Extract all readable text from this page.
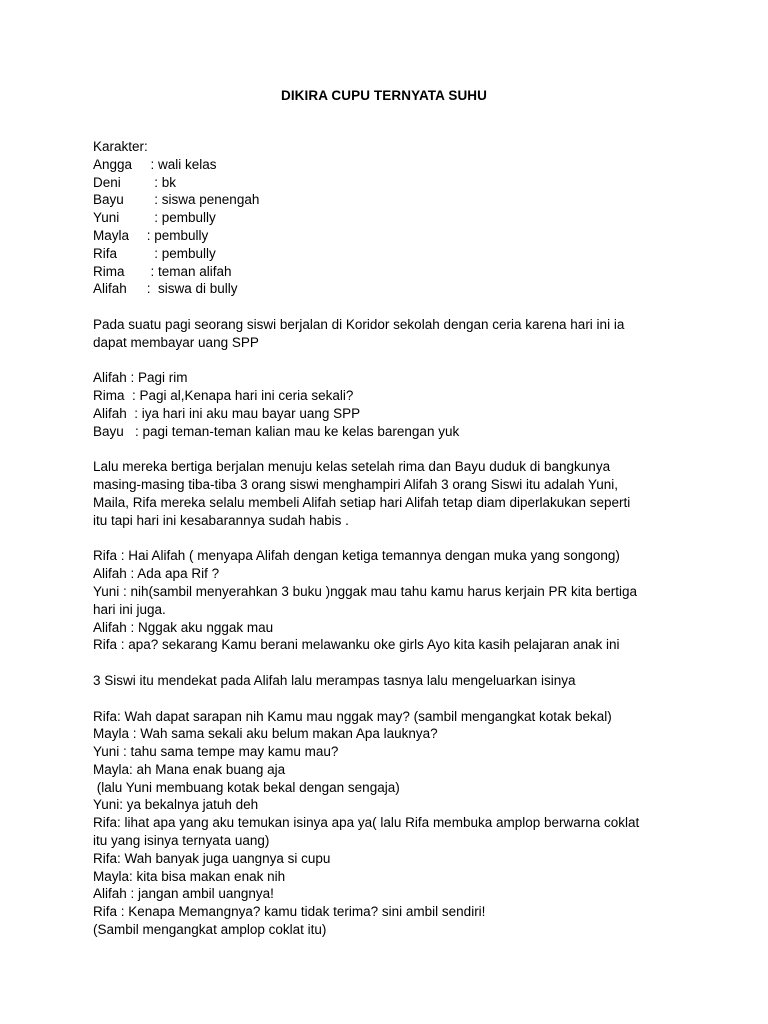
DIKIRA CUPU TERNYATA SUHU
Karakter:
Angga  : wali kelas
Deni   : bk
Bayu   : siswa penengah
Yuni   : pembully
Mayla : pembully
Rifa   : pembully
Rima  : teman alifah
Alifah :  siswa di bully
Pada suatu pagi seorang siswi berjalan di Koridor sekolah dengan ceria karena hari ini ia
dapat membayar uang SPP
Alifah : Pagi rim
Rima  : Pagi al,Kenapa hari ini ceria sekali?
Alifah  : iya hari ini aku mau bayar uang SPP
Bayu   : pagi teman-teman kalian mau ke kelas barengan yuk
Lalu mereka bertiga berjalan menuju kelas setelah rima dan Bayu duduk di bangkunya
masing-masing tiba-tiba 3 orang siswi menghampiri Alifah 3 orang Siswi itu adalah Yuni,
Maila, Rifa mereka selalu membeli Alifah setiap hari Alifah tetap diam diperlakukan seperti
itu tapi hari ini kesabarannya sudah habis .
Rifa : Hai Alifah ( menyapa Alifah dengan ketiga temannya dengan muka yang songong)
Alifah : Ada apa Rif ?
Yuni : nih(sambil menyerahkan 3 buku )nggak mau tahu kamu harus kerjain PR kita bertiga
hari ini juga.
Alifah : Nggak aku nggak mau
Rifa : apa? sekarang Kamu berani melawanku oke girls Ayo kita kasih pelajaran anak ini
3 Siswi itu mendekat pada Alifah lalu merampas tasnya lalu mengeluarkan isinya
Rifa: Wah dapat sarapan nih Kamu mau nggak may? (sambil mengangkat kotak bekal)
Mayla : Wah sama sekali aku belum makan Apa lauknya?
Yuni : tahu sama tempe may kamu mau?
Mayla: ah Mana enak buang aja
(lalu Yuni membuang kotak bekal dengan sengaja)
Yuni: ya bekalnya jatuh deh
Rifa: lihat apa yang aku temukan isinya apa ya( lalu Rifa membuka amplop berwarna coklat
itu yang isinya ternyata uang)
Rifa: Wah banyak juga uangnya si cupu
Mayla: kita bisa makan enak nih
Alifah : jangan ambil uangnya!
Rifa : Kenapa Memangnya? kamu tidak terima? sini ambil sendiri!
(Sambil mengangkat amplop coklat itu)
